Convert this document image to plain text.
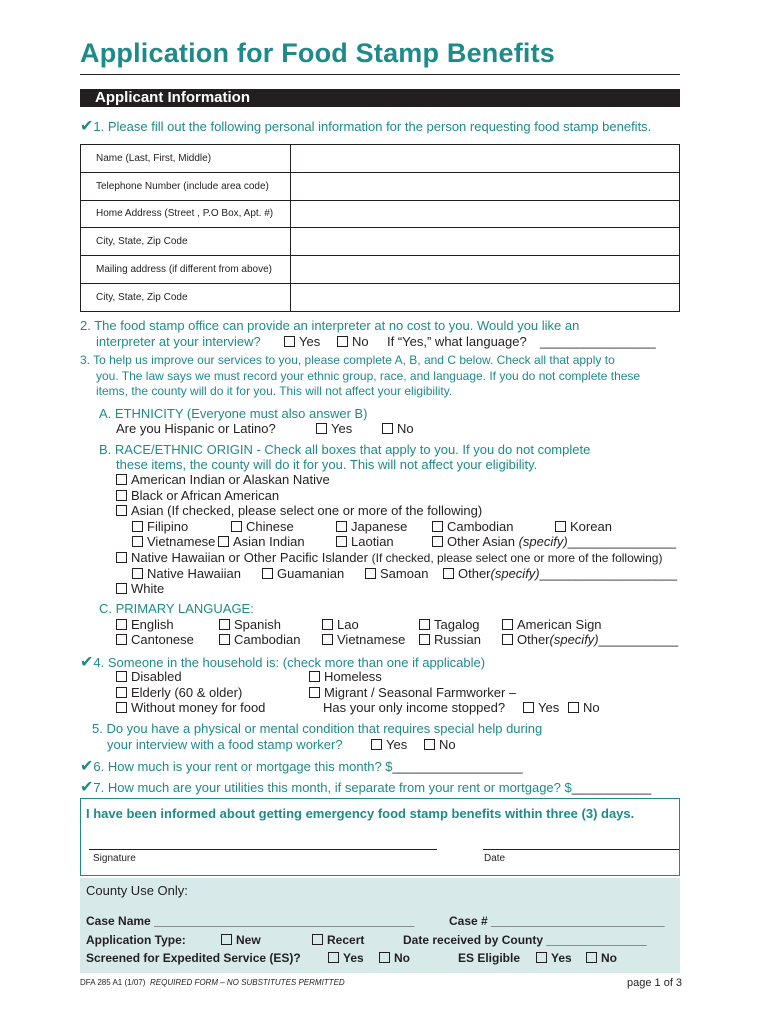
Application for Food Stamp Benefits
Applicant Information
✔1. Please fill out the following personal information for the person requesting food stamp benefits.
Name (Last, First, Middle)	
Telephone Number (include area code)	
Home Address (Street , P.O Box, Apt. #)	
City, State, Zip Code	
Mailing address (if different from above)	
City, State, Zip Code	
2. The food stamp office can provide an interpreter at no cost to you. Would you like an
interpreter at your interview?	Yes	No If “Yes,” what language? ________________
3. To help us improve our services to you, please complete A, B, and C below. Check all that apply to
you. The law says we must record your ethnic group, race, and language. If you do not complete these
items, the county will do it for you. This will not affect your eligibility.
A. ETHNICITY (Everyone must also answer B)
Are you Hispanic or Latino?	Yes	No
B. RACE/ETHNIC ORIGIN - Check all boxes that apply to you. If you do not complete
these items, the county will do it for you. This will not affect your eligibility.
American Indian or Alaskan Native
Black or African American
Asian (If checked, please select one or more of the following)
Filipino	Chinese	Japanese	Cambodian	Korean
Vietnamese	Asian Indian	Laotian	Other Asian (specify)_______________
Native Hawaiian or Other Pacific Islander (If checked, please select one or more of the following)
Native Hawaiian	Guamanian	Samoan	Other(specify)___________________
White
C. PRIMARY LANGUAGE:
English	Spanish	Lao	Tagalog	American Sign
Cantonese	Cambodian	Vietnamese	Russian	Other(specify)___________
✔4. Someone in the household is: (check more than one if applicable)
Disabled
Elderly (60 & older)
Without money for food
Homeless
Migrant / Seasonal Farmworker –
Has your only income stopped?	Yes	No
5. Do you have a physical or mental condition that requires special help during
your interview with a food stamp worker?	Yes	No
✔6. How much is your rent or mortgage this month? $__________________
✔7. How much are your utilities this month, if separate from your rent or mortgage? $___________
I have been informed about getting emergency food stamp benefits within three (3) days.
Signature	Date
County Use Only:
Case Name _______________________________________	Case # __________________________
Application Type:	New	Recert	Date received by County _______________
Screened for Expedited Service (ES)?	Yes	No	ES Eligible	Yes	No
DFA 285 A1 (1/07) REQUIRED FORM – NO SUBSTITUTES PERMITTED	page 1 of 3
